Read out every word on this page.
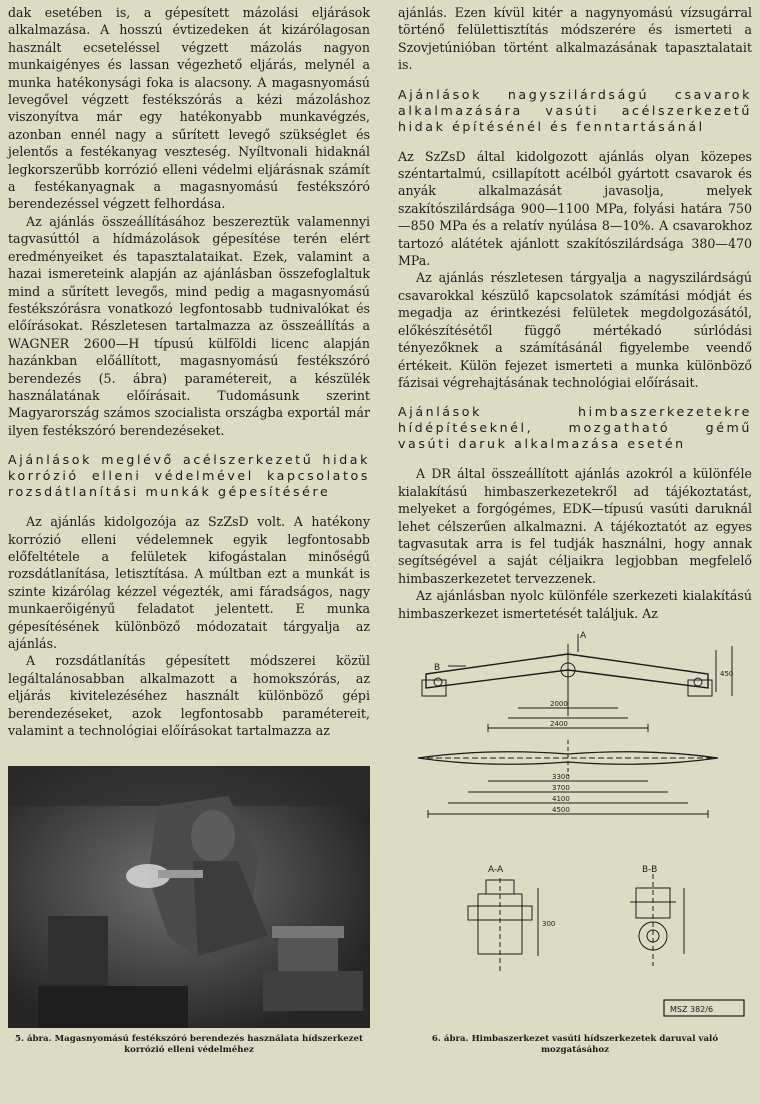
dak esetében is, a gépesített mázolási eljárások alkalmazása. A hosszú évtizedeken át kizárólagosan használt ecseteléssel végzett mázolás nagyon munkaigényes és lassan végezhető eljárás, melynél a munka hatékonysági foka is alacsony. A magasnyomású levegővel végzett festékszórás a kézi mázoláshoz viszonyítva már egy hatékonyabb munkavégzés, azonban ennél nagy a sűrített levegő szükséglet és jelentős a festékanyag veszteség. Nyíltvonali hidaknál legkorszerűbb korrózió elleni védelmi eljárásnak számít a festékanyagnak a magasnyomású festékszóró berendezéssel végzett felhordása.

Az ajánlás összeállításához beszereztük valamennyi tagvasúttól a hídmázolások gépesítése terén elért eredményeiket és tapasztalataikat. Ezek, valamint a hazai ismereteink alapján az ajánlásban összefoglaltuk mind a sűrített levegős, mind pedig a magasnyomású festékszórásra vonatkozó legfontosabb tudnivalókat és előírásokat. Részletesen tartalmazza az összeállítás a WAGNER 2600—H típusú külföldi licenc alapján hazánkban előállított, magasnyomású festékszóró berendezés (5. ábra) paramétereit, a készülék használatának előírásait. Tudomásunk szerint Magyarország számos szocialista országba exportál már ilyen festékszóró berendezéseket.

Ajánlások meglévő acélszerkezetű hidak korrózió elleni védelmével kapcsolatos rozsdátlanítási munkák gépesítésére

Az ajánlás kidolgozója az SzZsD volt. A hatékony korrózió elleni védelemnek egyik legfontosabb előfeltétele a felületek kifogástalan minőségű rozsdátlanítása, letisztítása. A múltban ezt a munkát is szinte kizárólag kézzel végezték, ami fáradságos, nagy munkaerőigényű feladatot jelentett. E munka gépesítésének különböző módozatait tárgyalja az ajánlás.

A rozsdátlanítás gépesített módszerei közül legáltalánosabban alkalmazott a homokszórás, az eljárás kivitelezéséhez használt különböző gépi berendezéseket, azok legfontosabb paramétereit, valamint a technológiai előírásokat tartalmazza az

ajánlás. Ezen kívül kitér a nagynyomású vízsugárral történő felülettisztítás módszerére és ismerteti a Szovjetúnióban történt alkalmazásának tapasztalatait is.

Ajánlások nagyszilárdságú csavarok alkalmazására vasúti acélszerkezetű hidak építésénél és fenntartásánál

Az SzZsD által kidolgozott ajánlás olyan közepes széntartalmú, csillapított acélból gyártott csavarok és anyák alkalmazását javasolja, melyek szakítószilárdsága 900—1100 MPa, folyási határa 750—850 MPa és a relatív nyúlása 8—10%. A csavarokhoz tartozó alátétek ajánlott szakítószilárdsága 380—470 MPa.

Az ajánlás részletesen tárgyalja a nagyszilárdságú csavarokkal készülő kapcsolatok számítási módját és megadja az érintkezési felületek megdolgozásától, előkészítésétől függő mértékadó súrlódási tényezőknek a számításánál figyelembe veendő értékeit. Külön fejezet ismerteti a munka különböző fázisai végrehajtásának technológiai előírásait.

Ajánlások himbaszerkezetekre hídépítéseknél, mozgatható gémű vasúti daruk alkalmazása esetén

A DR által összeállított ajánlás azokról a különféle kialakítású himbaszerkezetekről ad tájékoztatást, melyeket a forgógémes, EDK—típusú vasúti daruknál lehet célszerűen alkalmazni. A tájékoztatót az egyes tagvasutak arra is fel tudják használni, hogy annak segítségével a saját céljaikra legjobban megfelelő himbaszerkezetet tervezzenek.

Az ajánlásban nyolc különféle szerkezeti kialakítású himbaszerkezet ismertetését találjuk. Az

A
B
2000
2400
3300
3700
4100
4500
450
300
A-A	B-B
MSZ 382/6
5. ábra. Magasnyomású festékszóró berendezés használata hídszerkezet korrózió elleni védelméhez
6. ábra. Himbaszerkezet vasúti hídszerkezetek daruval való mozgatásához
